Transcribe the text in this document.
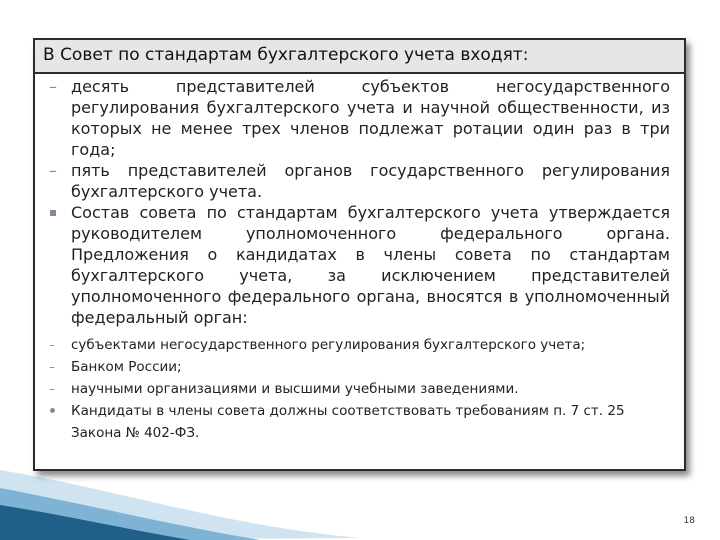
В Совет по стандартам бухгалтерского учета входят:
– десять представителей субъектов негосударственного регулирования бухгалтерского учета и научной общественности, из которых не менее трех членов подлежат ротации один раз в три года;
– пять представителей органов государственного регулирования бухгалтерского учета.
Состав совета по стандартам бухгалтерского учета утверждается руководителем уполномоченного федерального органа. Предложения о кандидатах в члены совета по стандартам бухгалтерского учета, за исключением представителей уполномоченного федерального органа, вносятся в уполномоченный федеральный орган:
–	субъектами негосударственного регулирования бухгалтерского учета;
–	Банком России;
–	научными организациями и высшими учебными заведениями.
Кандидаты в члены совета должны соответствовать требованиям п. 7 ст. 25 Закона № 402-ФЗ.
18
